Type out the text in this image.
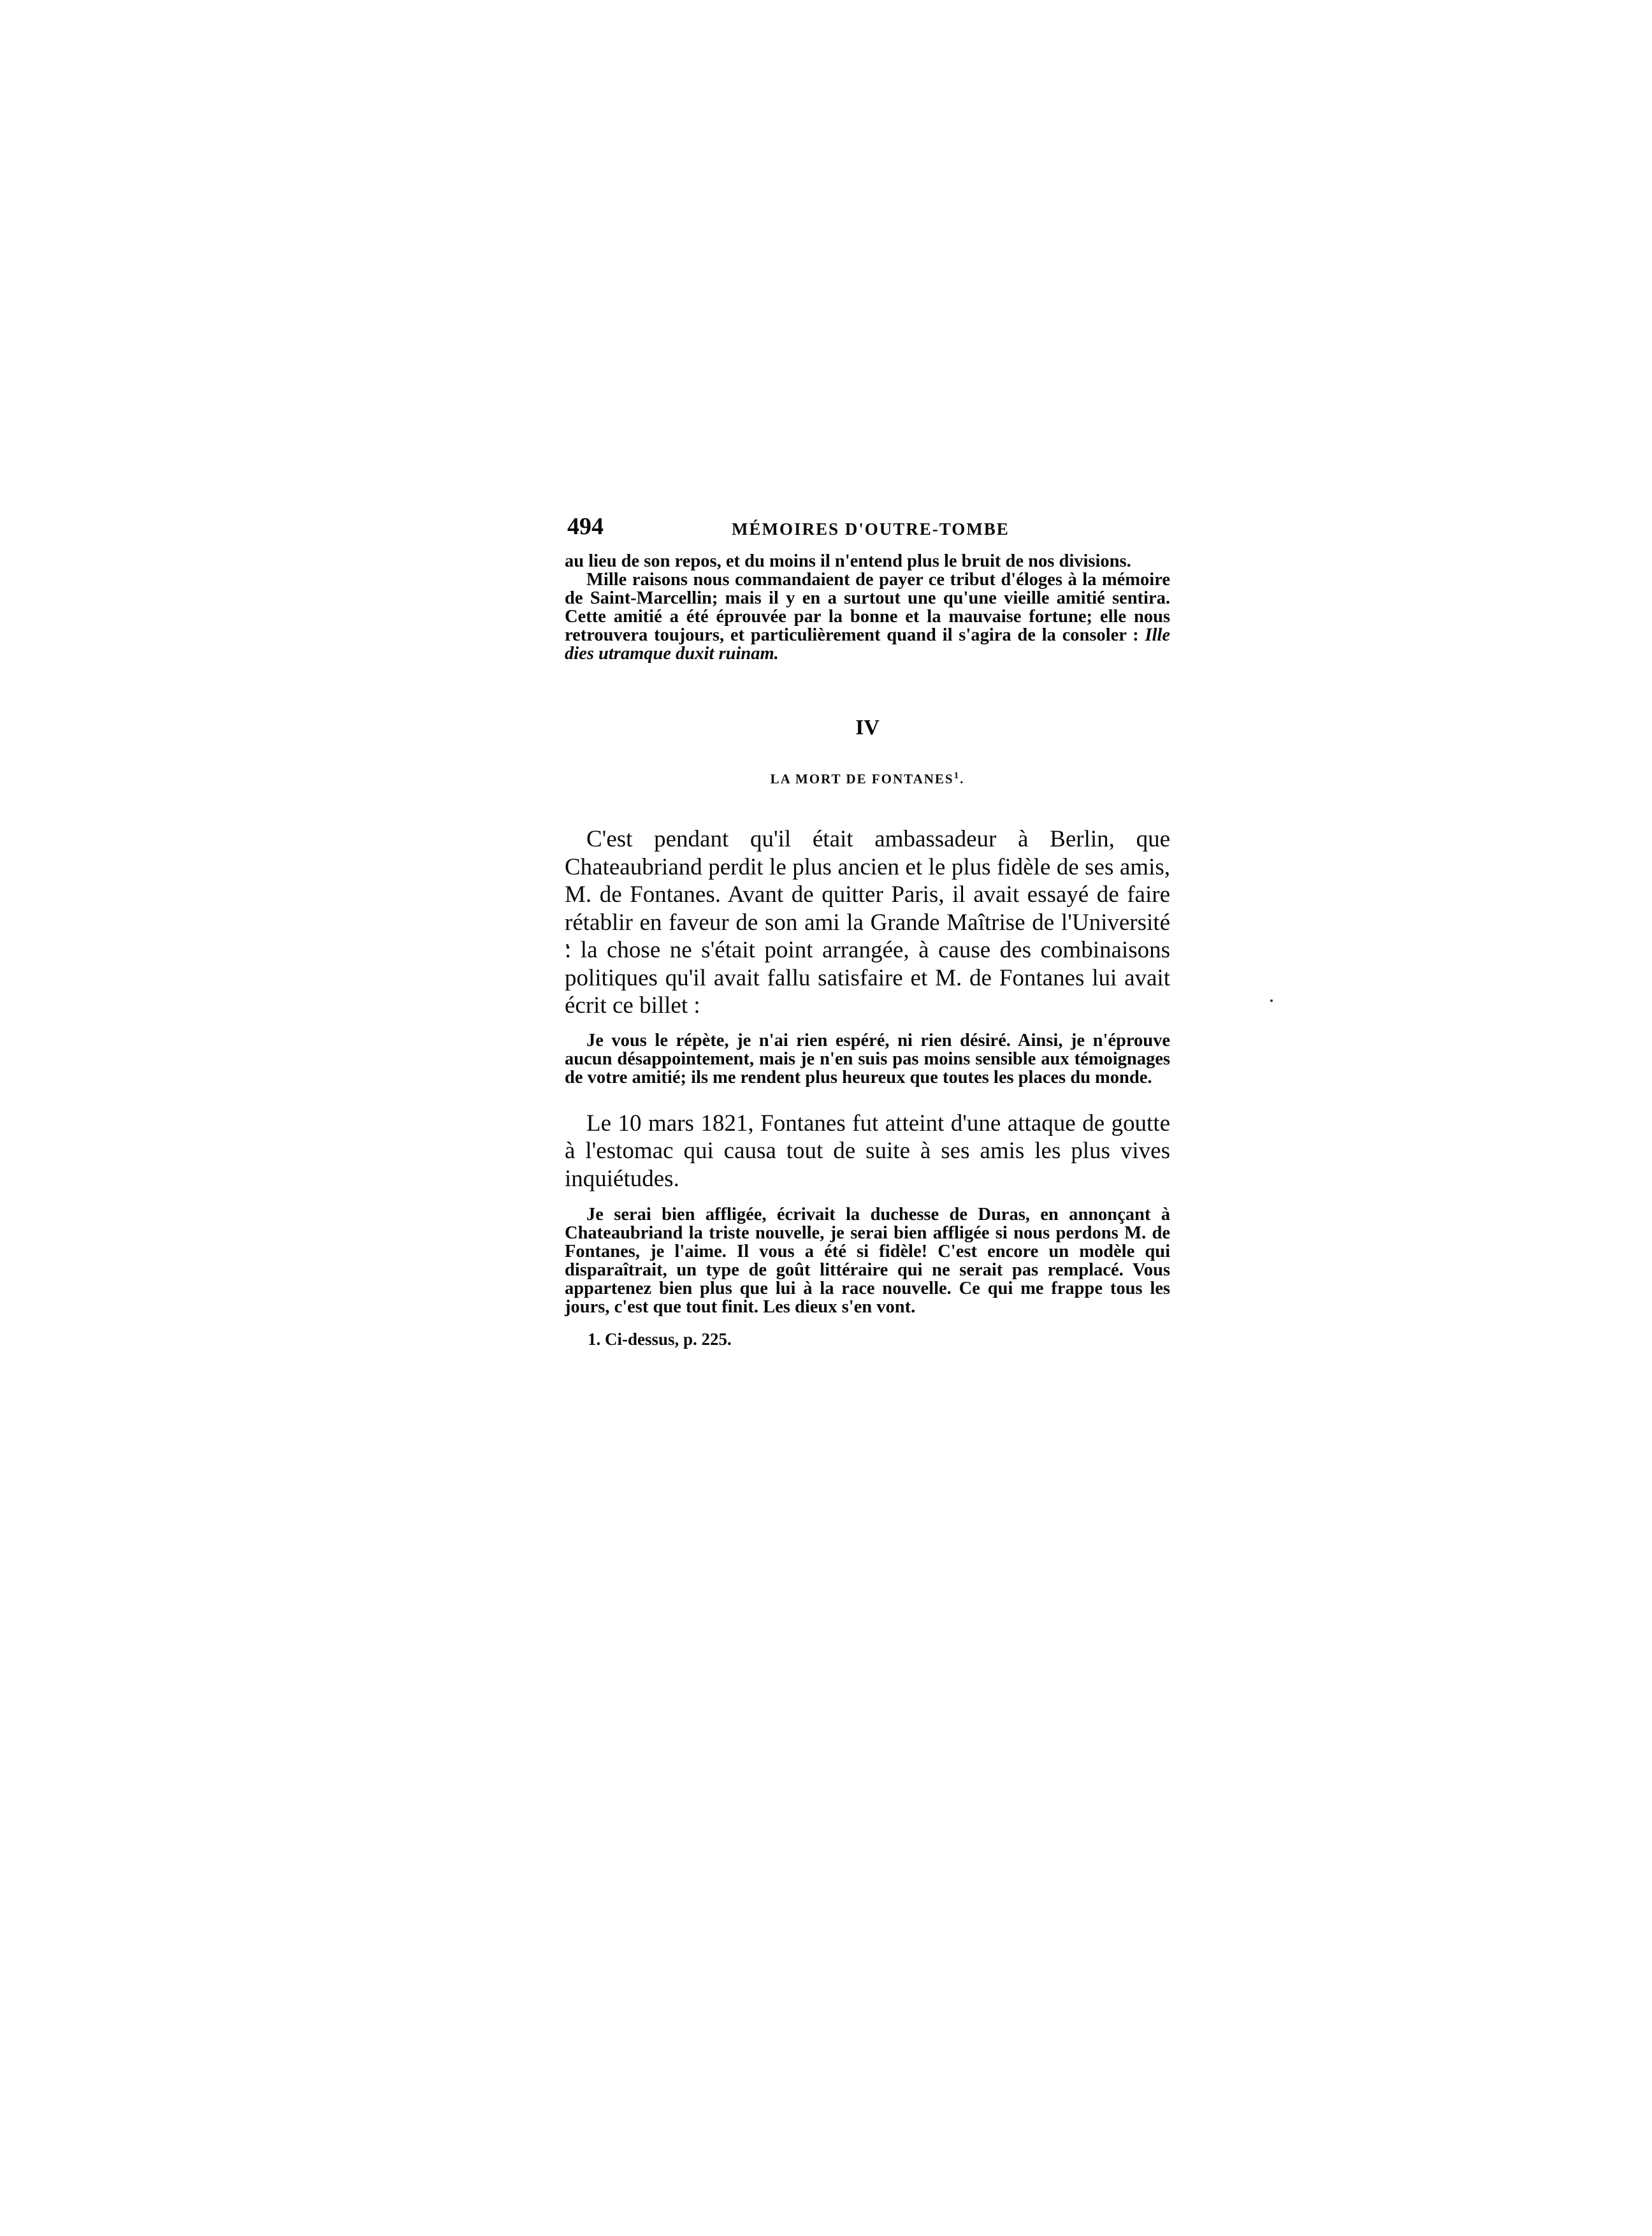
494	MÉMOIRES D'OUTRE-TOMBE
au lieu de son repos, et du moins il n'entend plus le bruit de nos divisions.

Mille raisons nous commandaient de payer ce tribut d'éloges à la mémoire de Saint-Marcellin; mais il y en a surtout une qu'une vieille amitié sentira. Cette amitié a été éprouvée par la bonne et la mauvaise fortune; elle nous retrouvera toujours, et particulièrement quand il s'agira de la consoler : Ille dies utramque duxit ruinam.

IV
LA MORT DE FONTANES$^1$.

C'est pendant qu'il était ambassadeur à Berlin, que Chateaubriand perdit le plus ancien et le plus fidèle de ses amis, M. de Fontanes. Avant de quitter Paris, il avait essayé de faire rétablir en faveur de son ami la Grande Maîtrise de l'Université : la chose ne s'était point arrangée, à cause des combinaisons politiques qu'il avait fallu satisfaire et M. de Fontanes lui avait écrit ce billet :

Je vous le répète, je n'ai rien espéré, ni rien désiré. Ainsi, je n'éprouve aucun désappointement, mais je n'en suis pas moins sensible aux témoignages de votre amitié; ils me rendent plus heureux que toutes les places du monde.

Le 10 mars 1821, Fontanes fut atteint d'une attaque de goutte à l'estomac qui causa tout de suite à ses amis les plus vives inquiétudes.

Je serai bien affligée, écrivait la duchesse de Duras, en annonçant à Chateaubriand la triste nouvelle, je serai bien affligée si nous perdons M. de Fontanes, je l'aime. Il vous a été si fidèle! C'est encore un modèle qui disparaîtrait, un type de goût littéraire qui ne serait pas remplacé. Vous appartenez bien plus que lui à la race nouvelle. Ce qui me frappe tous les jours, c'est que tout finit. Les dieux s'en vont.

1. Ci-dessus, p. 225.
